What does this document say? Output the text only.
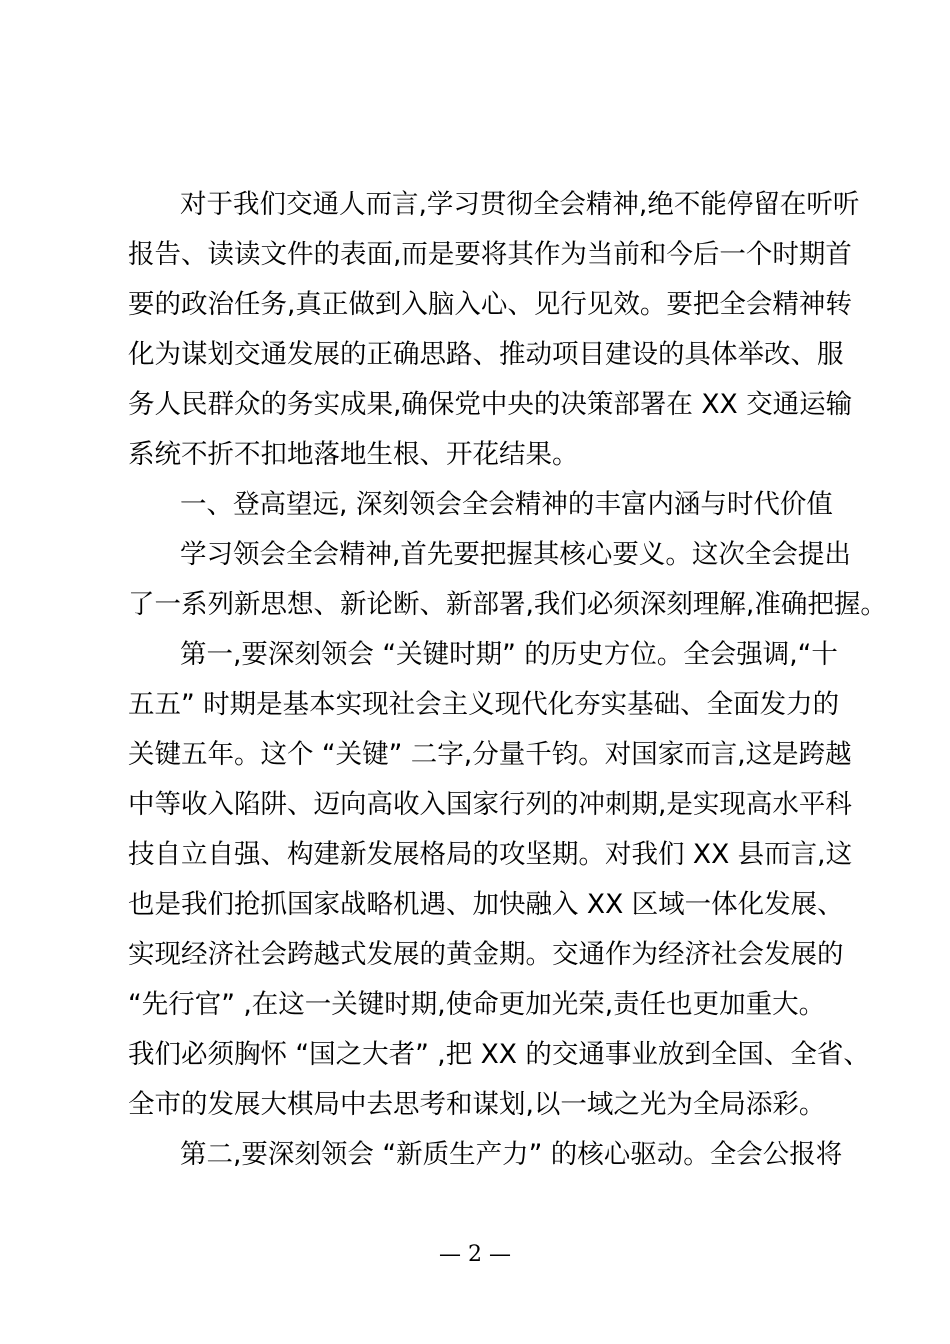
对于我们交通人而言,学习贯彻全会精神,绝不能停留在听听
报告、读读文件的表面,而是要将其作为当前和今后一个时期首
要的政治任务,真正做到入脑入心、见行见效。要把全会精神转
化为谋划交通发展的正确思路、推动项目建设的具体举改、服
务人民群众的务实成果,确保党中央的决策部署在 XX 交通运输
系统不折不扣地落地生根、开花结果。
一、登高望远, 深刻领会全会精神的丰富内涵与时代价值
学习领会全会精神,首先要把握其核心要义。这次全会提出
了一系列新思想、新论断、新部署,我们必须深刻理解,准确把握。
第一,要深刻领会 “关键时期” 的历史方位。全会强调,“十
五五” 时期是基本实现社会主义现代化夯实基础、全面发力的
关键五年。这个 “关键” 二字,分量千钧。对国家而言,这是跨越
中等收入陷阱、迈向高收入国家行列的冲刺期,是实现高水平科
技自立自强、构建新发展格局的攻坚期。对我们 XX 县而言,这
也是我们抢抓国家战略机遇、加快融入 XX 区域一体化发展、
实现经济社会跨越式发展的黄金期。交通作为经济社会发展的
“先行官” ,在这一关键时期,使命更加光荣,责任也更加重大。
我们必须胸怀 “国之大者” ,把 XX 的交通事业放到全国、全省、
全市的发展大棋局中去思考和谋划,以一域之光为全局添彩。
第二,要深刻领会 “新质生产力” 的核心驱动。全会公报将
— 2 —
